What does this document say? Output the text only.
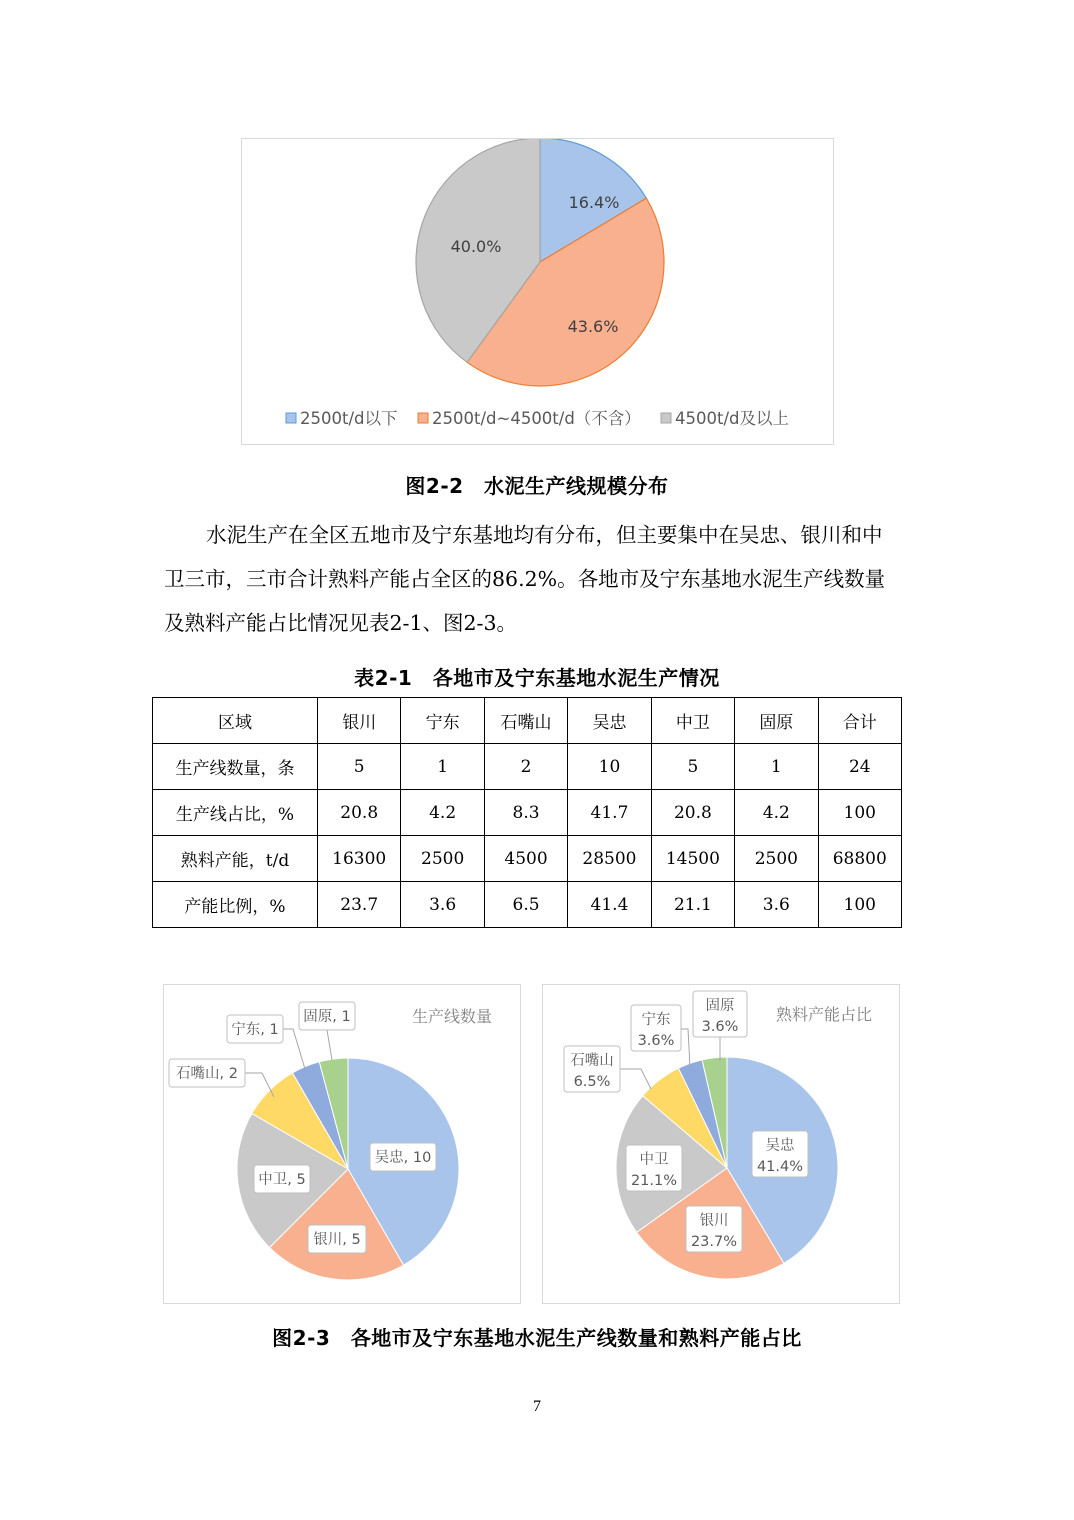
16.4%
43.6%
40.0%
2500t/d以下 2500t/d~4500t/d（不含） 4500t/d及以上
图2-2　水泥生产线规模分布

水泥生产在全区五地市及宁东基地均有分布，但主要集中在吴忠、银川和中

卫三市，三市合计熟料产能占全区的86.2%。各地市及宁东基地水泥生产线数量

及熟料产能占比情况见表2-1、图2-3。

表2-1　各地市及宁东基地水泥生产情况
区域	银川	宁东	石嘴山	吴忠	中卫	固原	合计
生产线数量，条	5	1	2	10	5	1	24
生产线占比，%	20.8	4.2	8.3	41.7	20.8	4.2	100
熟料产能，t/d	16300	2500	4500	28500	14500	2500	68800
产能比例，%	23.7	3.6	6.5	41.4	21.1	3.6	100
生产线数量
吴忠, 10
银川, 5
中卫, 5
石嘴山, 2
宁东, 1
固原, 1	熟料产能占比
吴忠
41.4%
银川
23.7%
中卫
21.1%
石嘴山
6.5%
宁东
3.6%
固原
3.6%
图2-3　各地市及宁东基地水泥生产线数量和熟料产能占比
7
